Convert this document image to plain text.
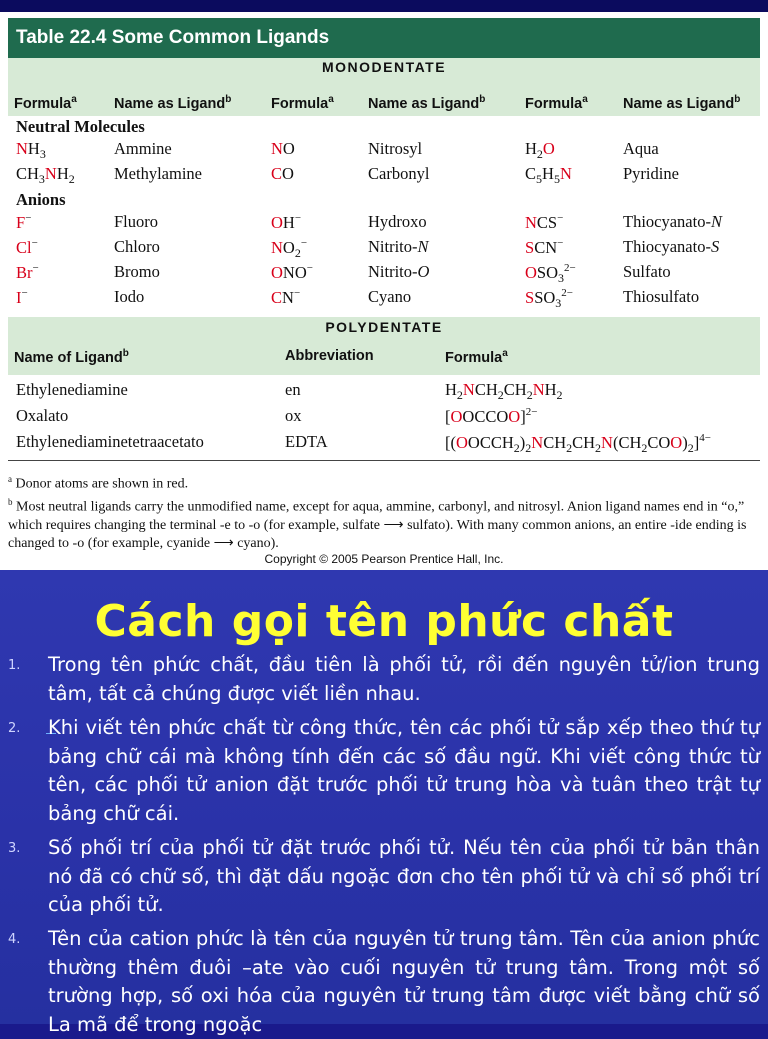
Table 22.4 Some Common Ligands
MONODENTATE
Formula$^a$	Name as Ligand$^b$	Formula$^a$ Name as Ligand$^b$	Formula$^a$ Name as Ligand$^b$
Neutral Molecules
$NH_3$	Ammine	NO	Nitrosyl	$H_2O$	Aqua
$CH_3NH_2$ Methylamine	CO	Carbonyl	$C_5H_5N$	Pyridine
Anions
F−	Fluoro	OH−	Hydroxo	NCS−	Thiocyanato-N
Cl−	Chloro	$NO_2^-$	Nitrito-N	SCN−	Thiocyanato-S
Br−	Bromo	ONO−	Nitrito-O	$OSO_3^{2-}$	Sulfato
I−	Iodo	CN−	Cyano	$SSO_3^{2-}$	Thiosulfato
POLYDENTATE
Name of Ligand$^b$	Abbreviation	Formula$^a$
Ethylenediamine	en	$H_2NCH_2CH_2NH_2$
Oxalato	ox	[OOCCOO]$^{2-}$
Ethylenediaminetetraacetato	EDTA	$[(OOCCH_2)_2NCH_2CH_2N(CH_2COO)_2]^{4-}$
$^a$ Donor atoms are shown in red.
$^b$ Most neutral ligands carry the unmodified name, except for aqua, ammine, carbonyl, and nitrosyl. Anion ligand names end in “o,” which requires changing the terminal -e to -o (for example, sulfate ⟶ sulfato). With many common anions, an entire -ide ending is changed to -o (for example, cyanide ⟶ cyano).
Copyright © 2005 Pearson Prentice Hall, Inc.
Cách gọi tên phức chất
1. Trong tên phức chất, đầu tiên là phối tử, rồi đến nguyên tử/ion trung tâm, tất cả chúng được viết liền nhau.
2. Khi viết tên phức chất từ công thức, tên các phối tử sắp xếp theo thứ tự bảng chữ cái mà không tính đến các số đầu ngữ. Khi viết công thức từ tên, các phối tử anion đặt trước phối tử trung hòa và tuân theo trật tự bảng chữ cái.
3. Số phối trí của phối tử đặt trước phối tử. Nếu tên của phối tử bản thân nó đã có chữ số, thì đặt dấu ngoặc đơn cho tên phối tử và chỉ số phối trí của phối tử.
4. Tên của cation phức là tên của nguyên tử trung tâm. Tên của anion phức thường thêm đuôi –ate vào cuối nguyên tử trung tâm. Trong một số trường hợp, số oxi hóa của nguyên tử trung tâm được viết bằng chữ số La mã để trong ngoặc
